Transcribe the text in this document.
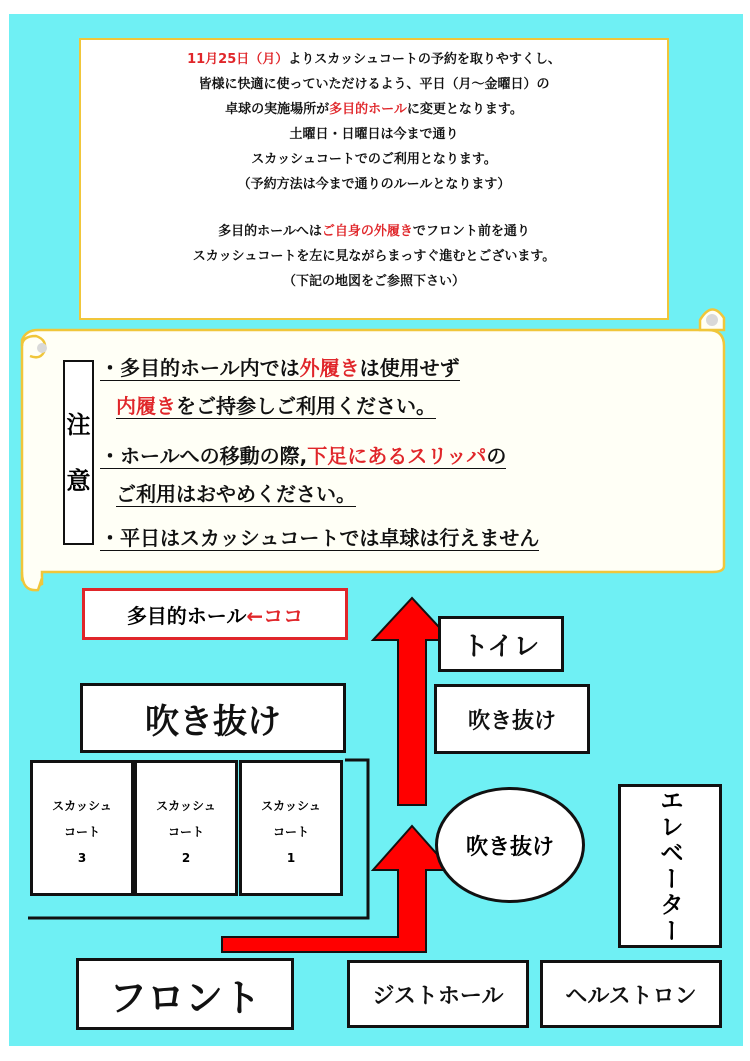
11月25日（月）よりスカッシュコートの予約を取りやすくし、
皆様に快適に使っていただけるよう、平日（月～金曜日）の
卓球の実施場所が多目的ホールに変更となります。
土曜日・日曜日は今まで通り
スカッシュコートでのご利用となります。
（予約方法は今まで通りのルールとなります）
多目的ホールへはご自身の外履きでフロント前を通り
スカッシュコートを左に見ながらまっすぐ進むとございます。
（下記の地図をご参照下さい）
注
意
・多目的ホール内では外履きは使用せず
内履きをご持参しご利用ください。
・ホールへの移動の際,下足にあるスリッパの
ご利用はおやめください。
・平日はスカッシュコートでは卓球は行えません
多目的ホール ←ココ
トイレ
吹き抜け	吹き抜け
スカッシュ
コート
3
スカッシュ
コート
2
スカッシュ
コート
1	吹き抜け	エレベーター
フロント	ジストホール	ヘルストロン
